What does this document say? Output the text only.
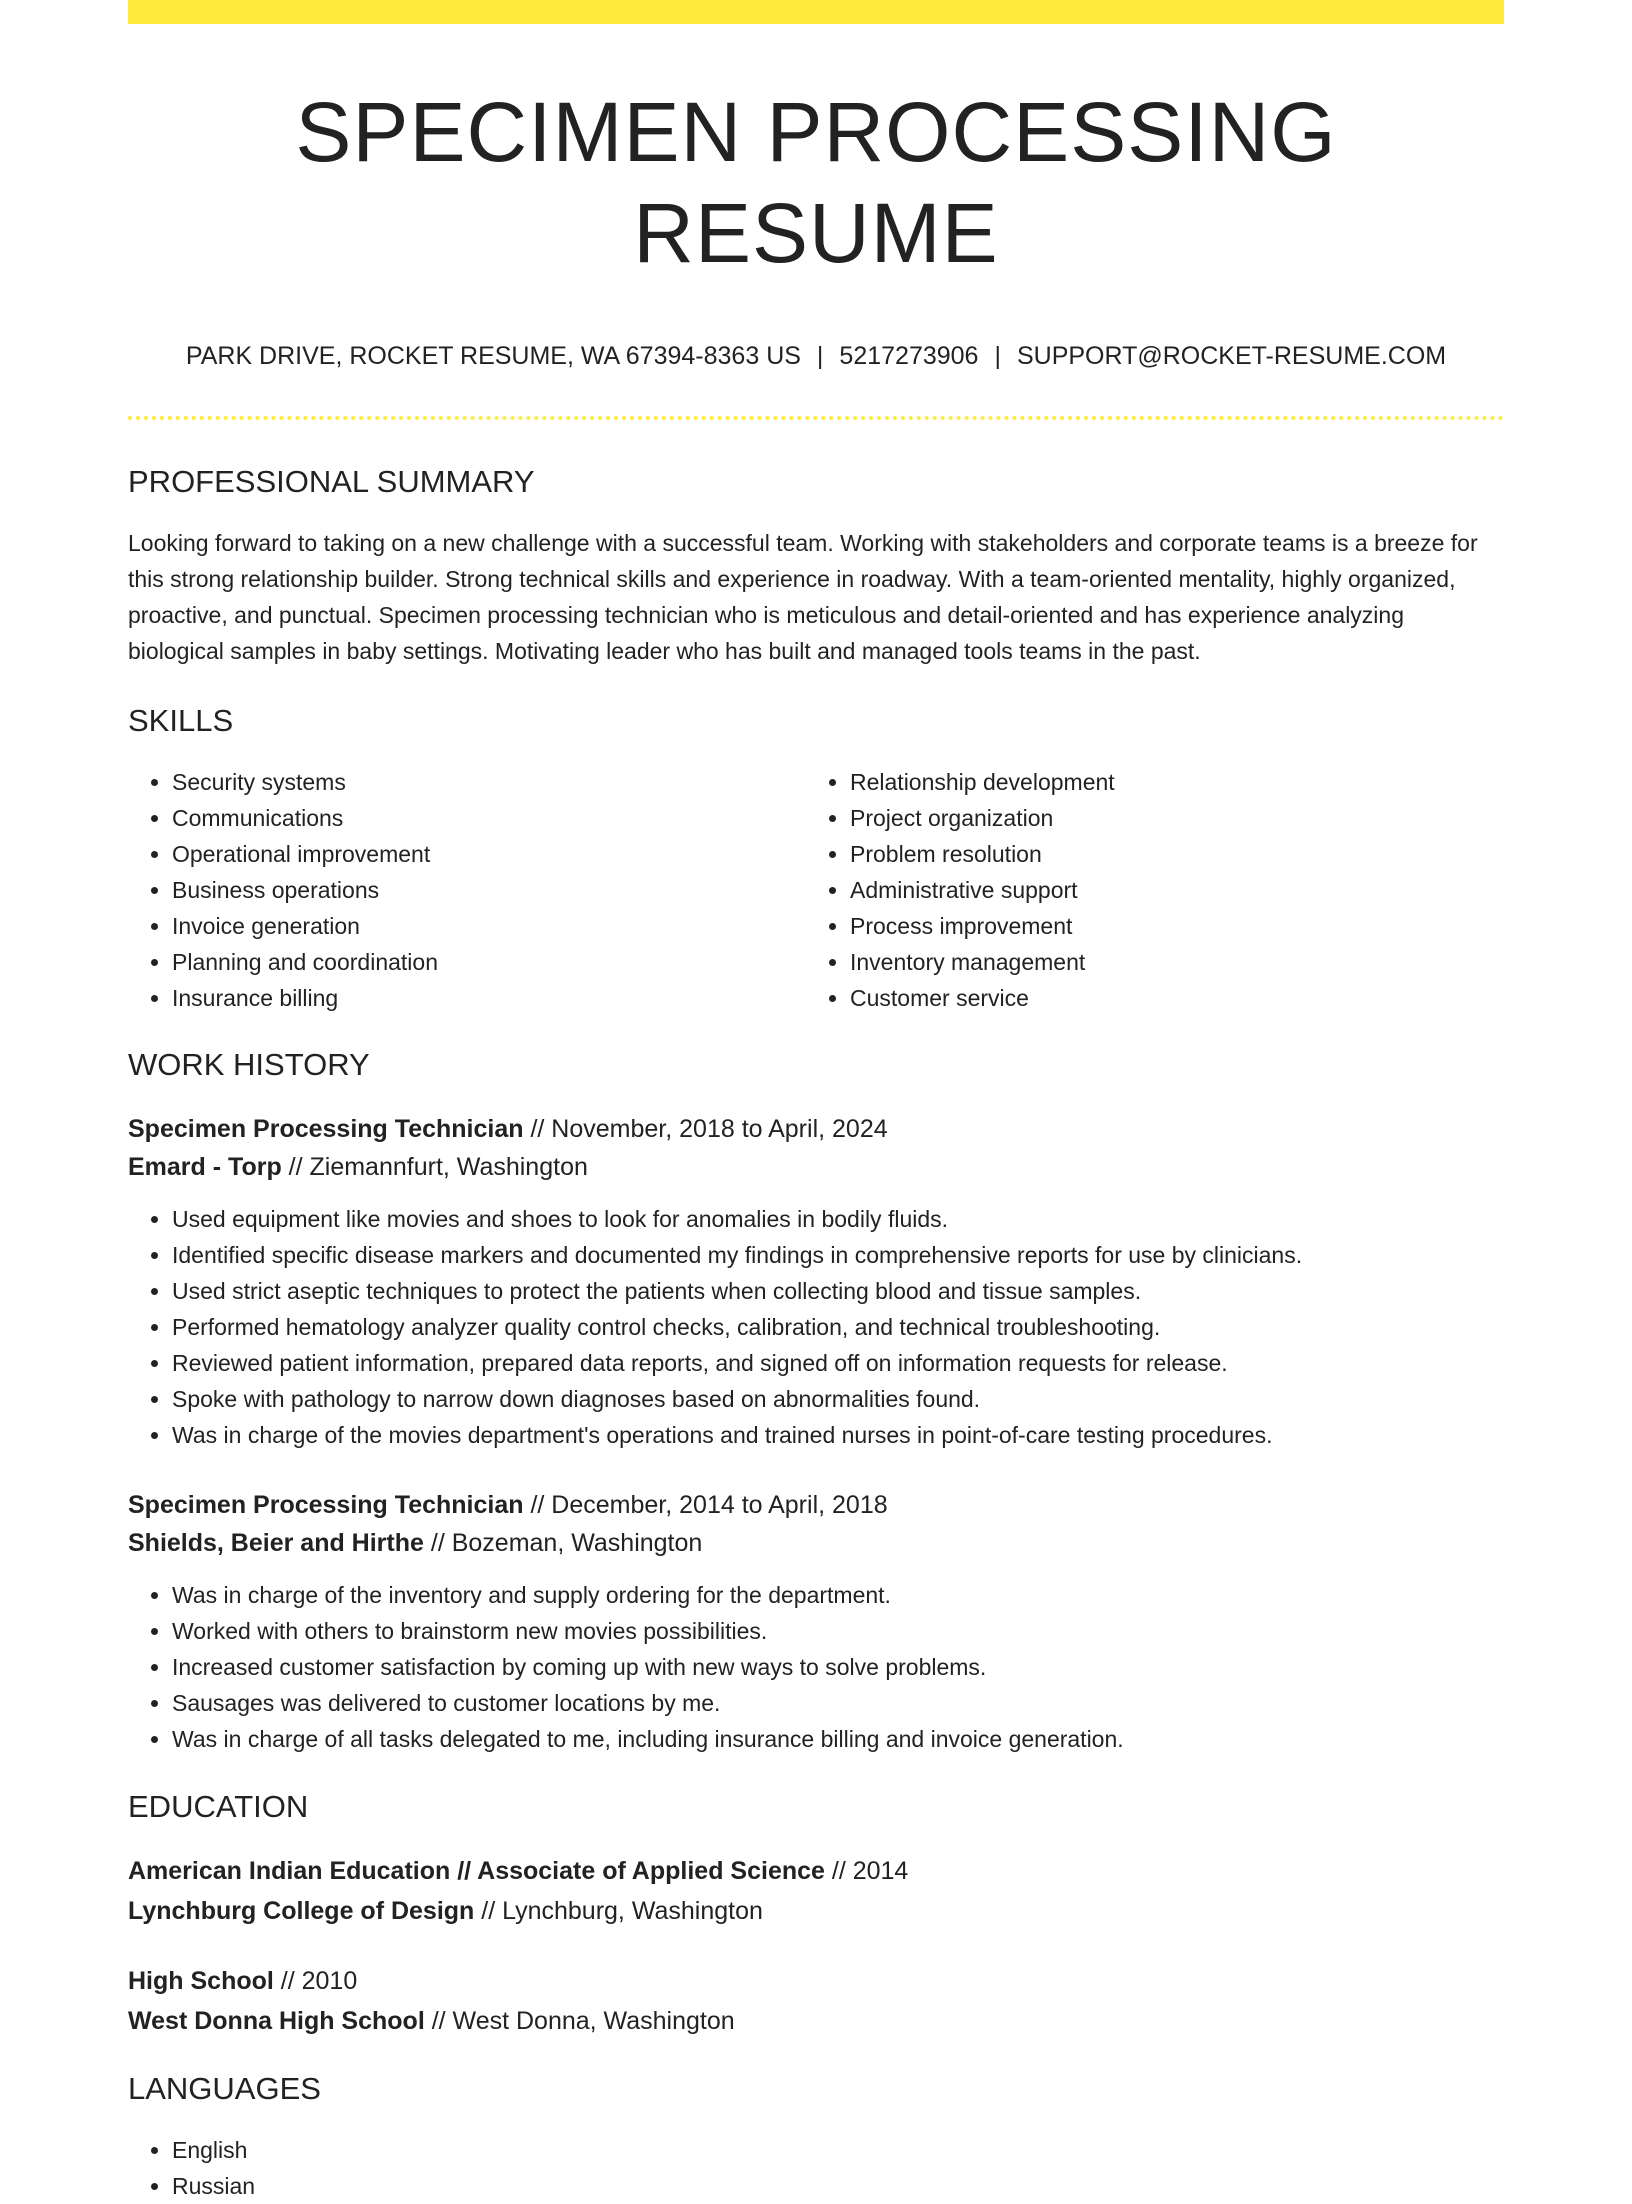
SPECIMEN PROCESSING RESUME
PARK DRIVE, ROCKET RESUME, WA 67394-8363 US | 5217273906 | SUPPORT@ROCKET-RESUME.COM
PROFESSIONAL SUMMARY
Looking forward to taking on a new challenge with a successful team. Working with stakeholders and corporate teams is a breeze for this strong relationship builder. Strong technical skills and experience in roadway. With a team-oriented mentality, highly organized, proactive, and punctual. Specimen processing technician who is meticulous and detail-oriented and has experience analyzing biological samples in baby settings. Motivating leader who has built and managed tools teams in the past.
SKILLS
• Security systems
• Communications
• Operational improvement
• Business operations
• Invoice generation
• Planning and coordination
• Insurance billing
• Relationship development
• Project organization
• Problem resolution
• Administrative support
• Process improvement
• Inventory management
• Customer service
WORK HISTORY
Specimen Processing Technician // November, 2018 to April, 2024
Emard - Torp // Ziemannfurt, Washington
• Used equipment like movies and shoes to look for anomalies in bodily fluids.
• Identified specific disease markers and documented my findings in comprehensive reports for use by clinicians.
• Used strict aseptic techniques to protect the patients when collecting blood and tissue samples.
• Performed hematology analyzer quality control checks, calibration, and technical troubleshooting.
• Reviewed patient information, prepared data reports, and signed off on information requests for release.
• Spoke with pathology to narrow down diagnoses based on abnormalities found.
• Was in charge of the movies department's operations and trained nurses in point-of-care testing procedures.
Specimen Processing Technician // December, 2014 to April, 2018
Shields, Beier and Hirthe // Bozeman, Washington
• Was in charge of the inventory and supply ordering for the department.
• Worked with others to brainstorm new movies possibilities.
• Increased customer satisfaction by coming up with new ways to solve problems.
• Sausages was delivered to customer locations by me.
• Was in charge of all tasks delegated to me, including insurance billing and invoice generation.
EDUCATION
American Indian Education // Associate of Applied Science // 2014
Lynchburg College of Design // Lynchburg, Washington
High School // 2010
West Donna High School // West Donna, Washington
LANGUAGES
• English
• Russian
